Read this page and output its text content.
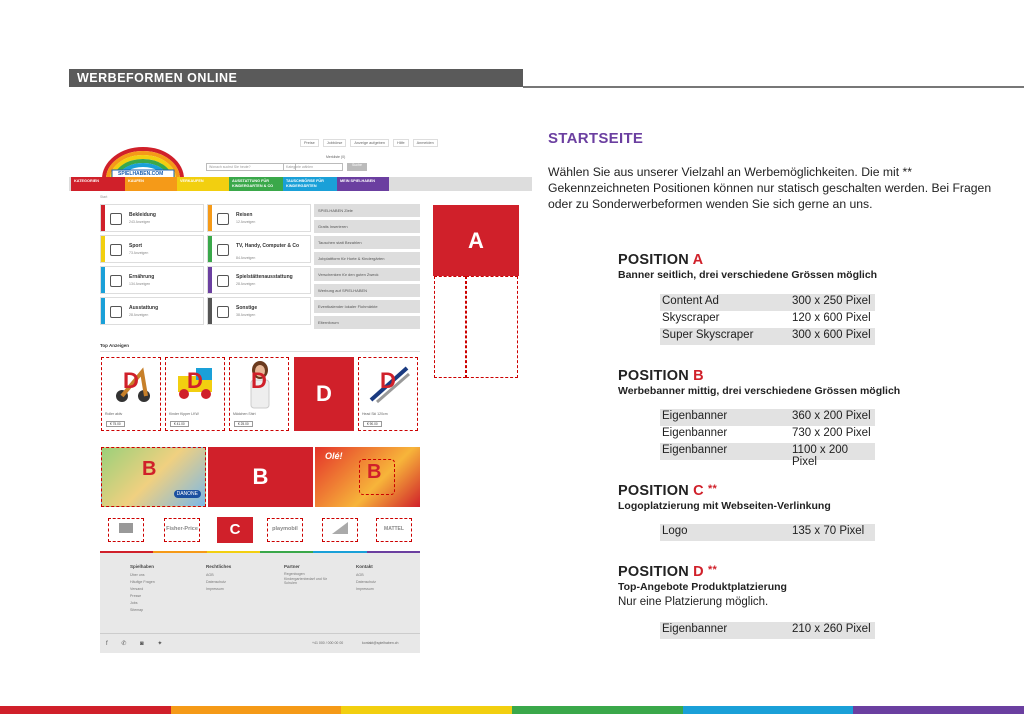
WERBEFORMEN ONLINE
Preise	Jobbörse	Anzeige aufgeben	Hilfe	Anmelden
SPIELHABEN.COM
Merkliste (0)
Wonach suchst Sie heute?	Kategorie wählen	Suche
KATEGORIEN	KAUFEN	VERKAUFEN	AUSSTATTUNG FÜR KINDERGARTEN & CO
TAUSCHBÖRSE FÜR KINDERGÄRTEN
MEIN SPIELHABEN
Start
Bekleidung
243 Anzeigen
Reisen
12 Anzeigen
Sport
73 Anzeigen
TV, Handy, Computer & Co
84 Anzeigen
Ernährung
134 Anzeigen
Spielstättenausstattung
28 Anzeigen
Ausstattung
28 Anzeigen
Sonstige
38 Anzeigen
SPIELHABEN Ziele
Gratis Inserieren
Tauschen statt Bezahlen
Jobplattform für Horte & Kindergärten
Verschenken für den guten Zweck
Werbung auf SPIELHABEN
Eventkalender lokaler Flohmärkte
Elternforum
A
Top Anzeigen
D
Roller aktiv
€ 75.00
D
Kinder Kipper LKW
€ 41.00
D
Mädchen Shirt
€ 25.00
D
D
Head Ski 120cm
€ 90.00
B
DANONE
B
Olé!
B
Fisher-Price	C	playmobil	MATTEL
Spielhaben
Über uns
Häufige Fragen
Versand
Presse
Jobs
Sitemap
Rechtliches
AGB
Datenschutz
Impressum
Partner
Regenbogen Kindergartenbedarf und für Schulen
Kontakt
AGB
Datenschutz
Impressum
f ✆ ◙ ✦	+41 000 / 000 00 00	kontakt@spielhaben.ch
STARTSEITE
Wählen Sie aus unserer Vielzahl an Werbemöglichkeiten. Die mit ** Gekennzeichneten Positionen können nur statisch geschalten werden. Bei Fragen oder zu Sonderwerbeformen wenden Sie sich gerne an uns.
POSITION A
Banner seitlich, drei verschiedene Grössen möglich
Content Ad	300 x 250 Pixel
Skyscraper	120 x 600 Pixel
Super Skyscraper	300 x 600 Pixel
POSITION B
Werbebanner mittig, drei verschiedene Grössen möglich
Eigenbanner	360 x 200 Pixel
Eigenbanner	730 x 200 Pixel
Eigenbanner	1100 x 200 Pixel
POSITION C **
Logoplatzierung mit Webseiten-Verlinkung
Logo	135 x 70 Pixel
POSITION D **
Top-Angebote Produktplatzierung
Nur eine Platzierung möglich.
Eigenbanner	210 x 260 Pixel
